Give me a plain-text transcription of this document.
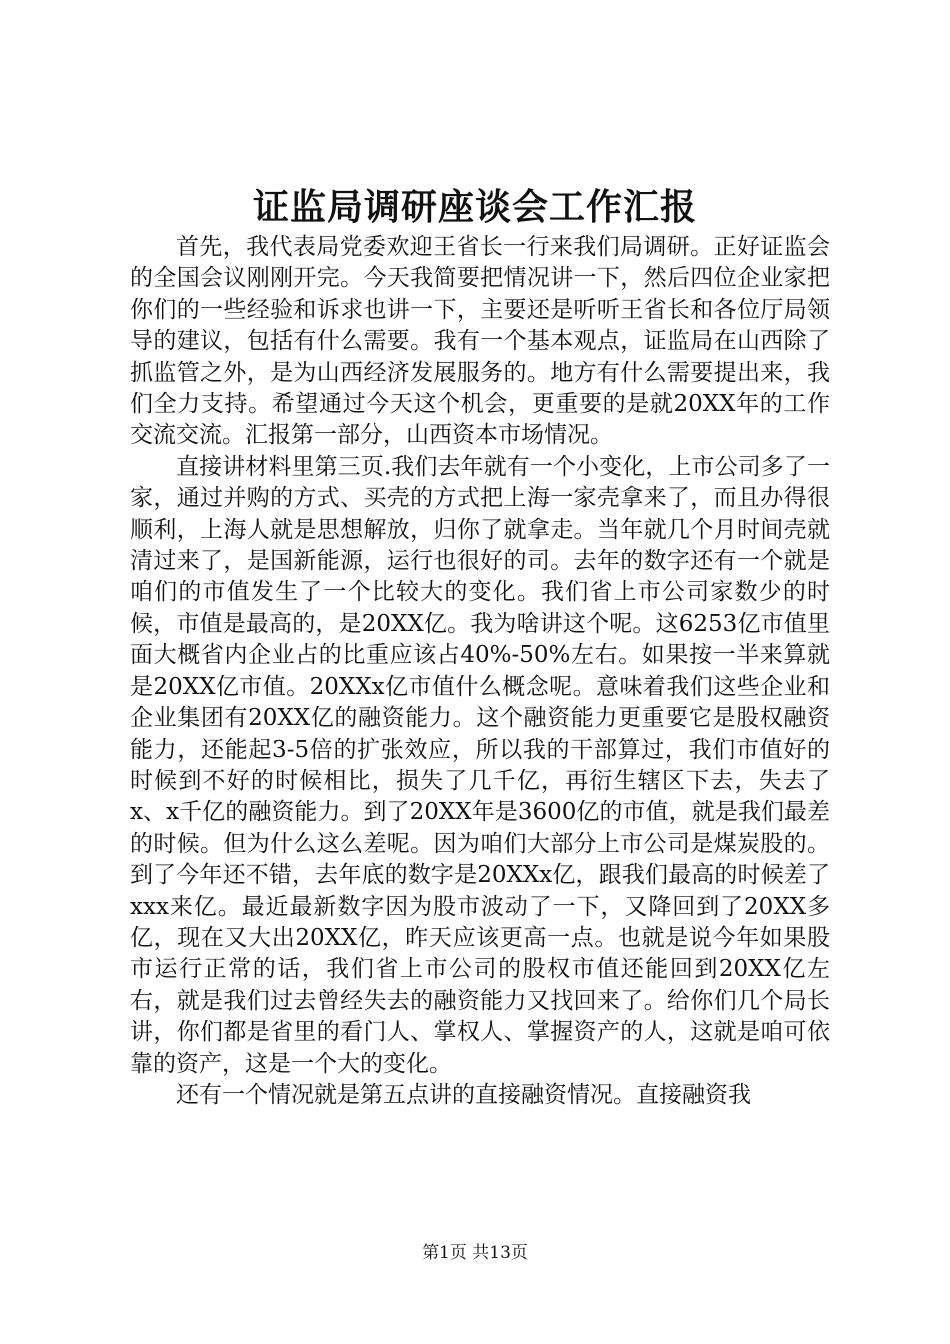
证监局调研座谈会工作汇报

首先，我代表局党委欢迎王省长一行来我们局调研。正好证监会的全国会议刚刚开完。今天我简要把情况讲一下，然后四位企业家把你们的一些经验和诉求也讲一下，主要还是听听王省长和各位厅局领导的建议，包括有什么需要。我有一个基本观点，证监局在山西除了抓监管之外，是为山西经济发展服务的。地方有什么需要提出来，我们全力支持。希望通过今天这个机会，更重要的是就20XX年的工作交流交流。汇报第一部分，山西资本市场情况。

直接讲材料里第三页.我们去年就有一个小变化，上市公司多了一家，通过并购的方式、买壳的方式把上海一家壳拿来了，而且办得很顺利，上海人就是思想解放，归你了就拿走。当年就几个月时间壳就清过来了，是国新能源，运行也很好的司。去年的数字还有一个就是咱们的市值发生了一个比较大的变化。我们省上市公司家数少的时候，市值是最高的，是20XX亿。我为啥讲这个呢。这6253亿市值里面大概省内企业占的比重应该占40%-50%左右。如果按一半来算就是20XX亿市值。20XXx亿市值什么概念呢。意味着我们这些企业和企业集团有20XX亿的融资能力。这个融资能力更重要它是股权融资能力，还能起3-5倍的扩张效应，所以我的干部算过，我们市值好的时候到不好的时候相比，损失了几千亿，再衍生辖区下去，失去了x、x千亿的融资能力。到了20XX年是3600亿的市值，就是我们最差的时候。但为什么这么差呢。因为咱们大部分上市公司是煤炭股的。到了今年还不错，去年底的数字是20XXx亿，跟我们最高的时候差了xxx来亿。最近最新数字因为股市波动了一下，又降回到了20XX多亿，现在又大出20XX亿，昨天应该更高一点。也就是说今年如果股市运行正常的话，我们省上市公司的股权市值还能回到20XX亿左右，就是我们过去曾经失去的融资能力又找回来了。给你们几个局长讲，你们都是省里的看门人、掌权人、掌握资产的人，这就是咱可依靠的资产，这是一个大的变化。

还有一个情况就是第五点讲的直接融资情况。直接融资我

第1页 共13页
